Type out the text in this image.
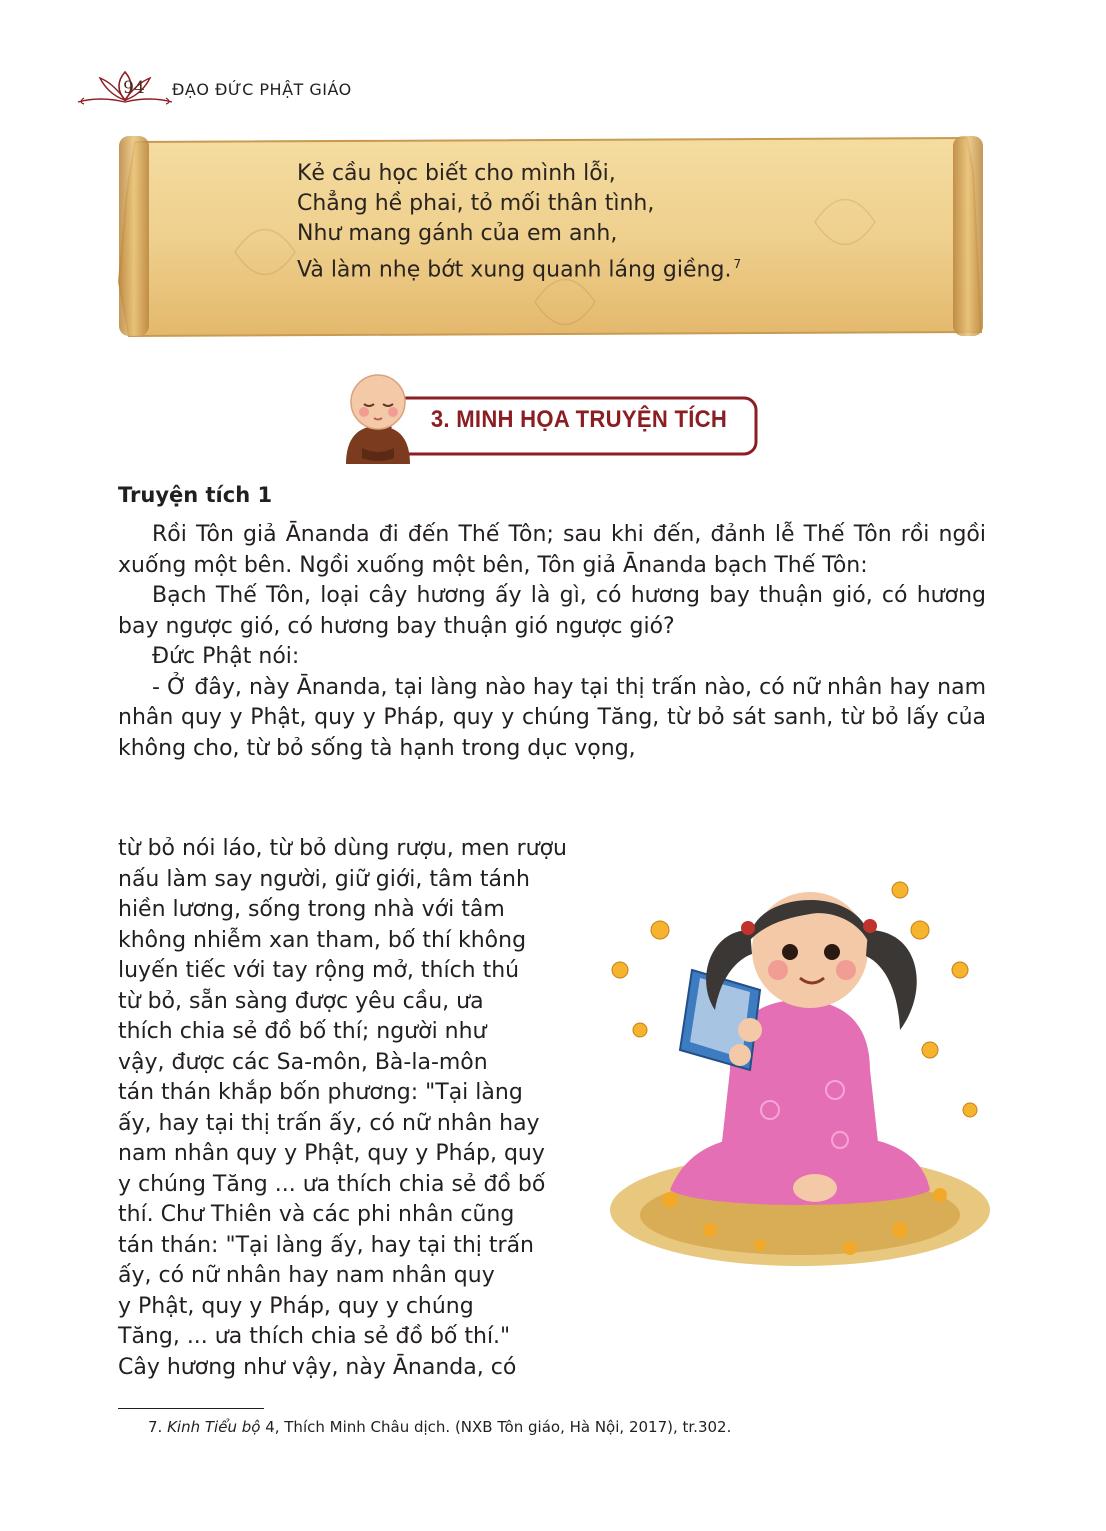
94	ĐẠO ĐỨC PHẬT GIÁO
Kẻ cầu học biết cho mình lỗi,
Chẳng hề phai, tỏ mối thân tình,
Như mang gánh của em anh,
Và làm nhẹ bớt xung quanh láng giềng. $^7$
3. MINH HỌA TRUYỆN TÍCH
Truyện tích 1

Rồi Tôn giả Ānanda đi đến Thế Tôn; sau khi đến, đảnh lễ Thế Tôn rồi ngồi xuống một bên. Ngồi xuống một bên, Tôn giả Ānanda bạch Thế Tôn:

Bạch Thế Tôn, loại cây hương ấy là gì, có hương bay thuận gió, có hương bay ngược gió, có hương bay thuận gió ngược gió?

Đức Phật nói:

- Ở đây, này Ānanda, tại làng nào hay tại thị trấn nào, có nữ nhân hay nam nhân quy y Phật, quy y Pháp, quy y chúng Tăng, từ bỏ sát sanh, từ bỏ lấy của không cho, từ bỏ sống tà hạnh trong dục vọng,

từ bỏ nói láo, từ bỏ dùng rượu, men rượu
nấu làm say người, giữ giới, tâm tánh
hiền lương, sống trong nhà với tâm
không nhiễm xan tham, bố thí không
luyến tiếc với tay rộng mở, thích thú
từ bỏ, sẵn sàng được yêu cầu, ưa
thích chia sẻ đồ bố thí; người như
vậy, được các Sa-môn, Bà-la-môn
tán thán khắp bốn phương: "Tại làng
ấy, hay tại thị trấn ấy, có nữ nhân hay
nam nhân quy y Phật, quy y Pháp, quy
y chúng Tăng ... ưa thích chia sẻ đồ bố
thí. Chư Thiên và các phi nhân cũng
tán thán: "Tại làng ấy, hay tại thị trấn
ấy, có nữ nhân hay nam nhân quy
y Phật, quy y Pháp, quy y chúng
Tăng, ... ưa thích chia sẻ đồ bố thí."
Cây hương như vậy, này Ānanda, có
7. Kinh Tiểu bộ 4, Thích Minh Châu dịch. (NXB Tôn giáo, Hà Nội, 2017), tr.302.
